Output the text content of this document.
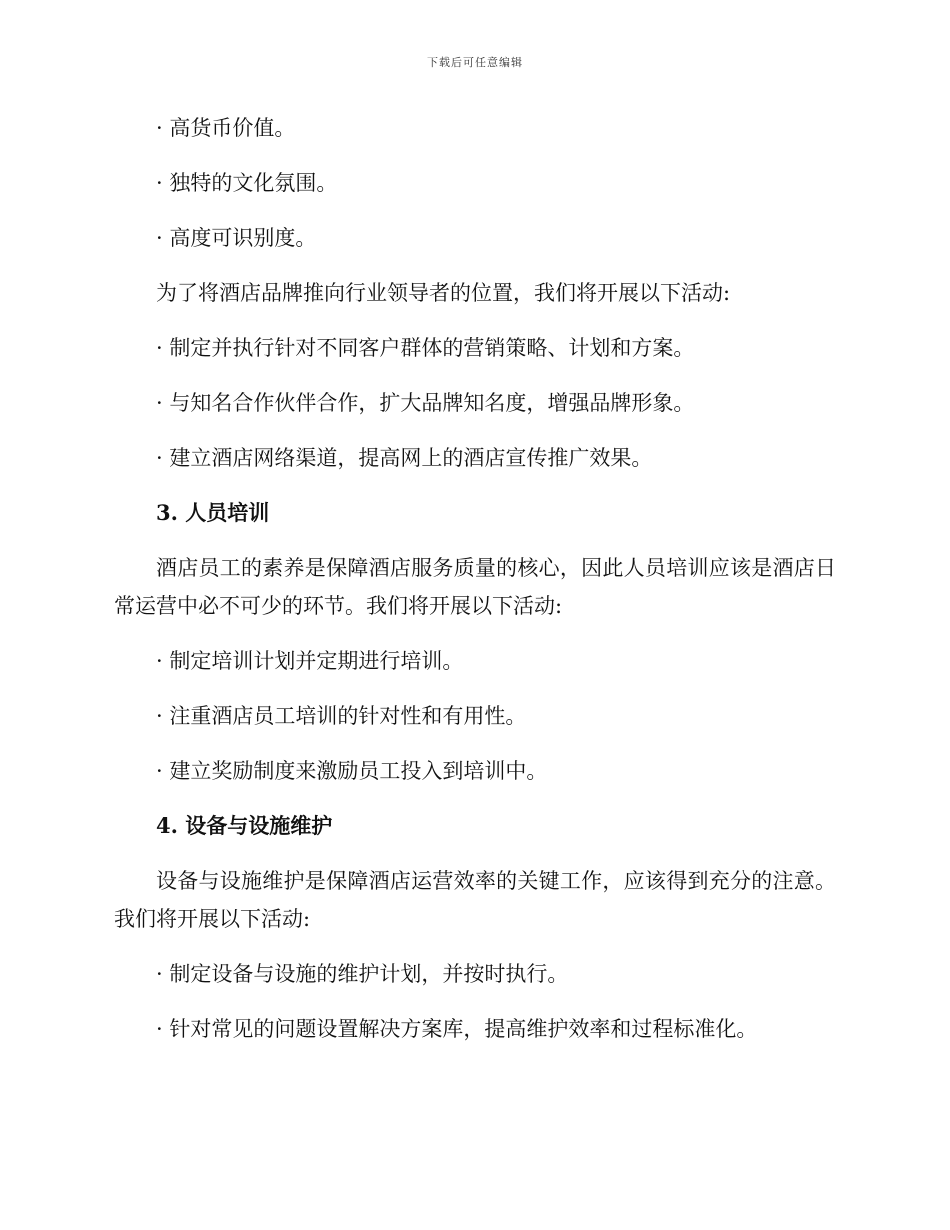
下载后可任意编辑
· 高货币价值。
· 独特的文化氛围。
· 高度可识别度。
为了将酒店品牌推向行业领导者的位置，我们将开展以下活动:
· 制定并执行针对不同客户群体的营销策略、计划和方案。
· 与知名合作伙伴合作，扩大品牌知名度，增强品牌形象。
· 建立酒店网络渠道，提高网上的酒店宣传推广效果。
3. 人员培训
酒店员工的素养是保障酒店服务质量的核心，因此人员培训应该是酒店日常运营中必不可少的环节。我们将开展以下活动:
· 制定培训计划并定期进行培训。
· 注重酒店员工培训的针对性和有用性。
· 建立奖励制度来激励员工投入到培训中。
4. 设备与设施维护
设备与设施维护是保障酒店运营效率的关键工作，应该得到充分的注意。我们将开展以下活动:
· 制定设备与设施的维护计划，并按时执行。
· 针对常见的问题设置解决方案库，提高维护效率和过程标准化。
